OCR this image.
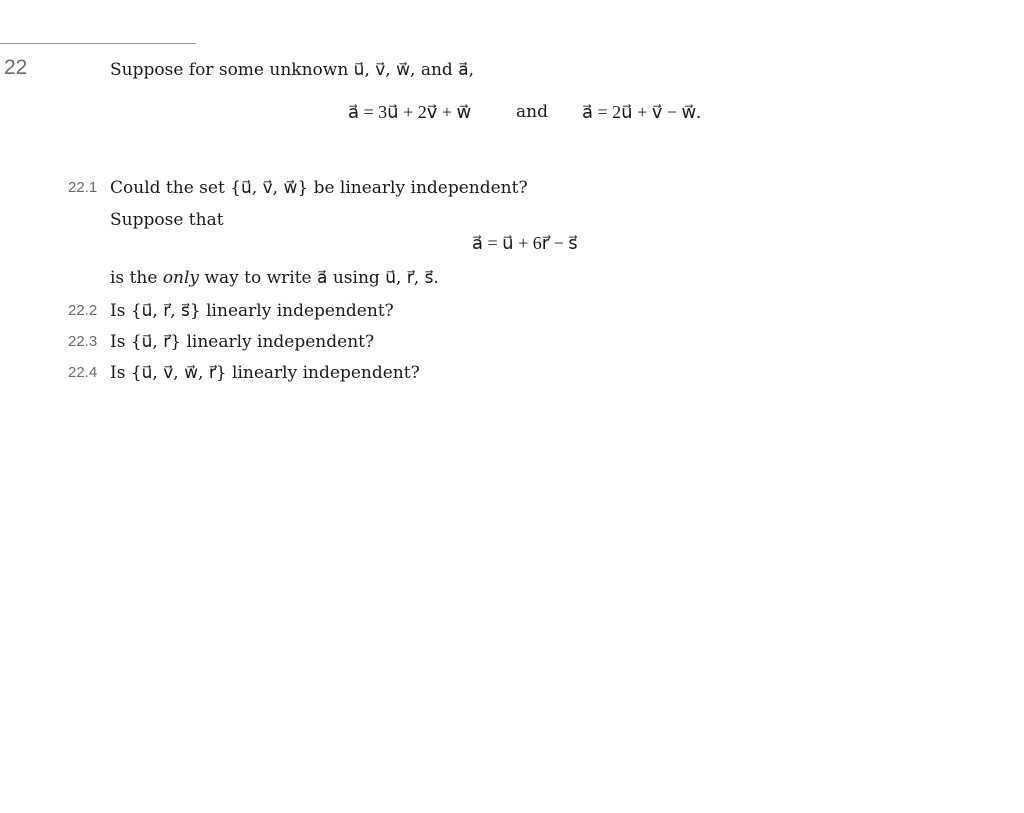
22	Suppose for some unknown u⃗, v⃗, w⃗, and a⃗,
a⃗ = 3u⃗ + 2v⃗ + w⃗	and a⃗ = 2u⃗ + v⃗ − w⃗.
22.1 Could the set {u⃗, v⃗, w⃗} be linearly independent?
Suppose that
a⃗ = u⃗ + 6r⃗ − s⃗
is the only way to write a⃗ using u⃗, r⃗, s⃗.
22.2 Is {u⃗, r⃗, s⃗} linearly independent?
22.3 Is {u⃗, r⃗} linearly independent?
22.4 Is {u⃗, v⃗, w⃗, r⃗} linearly independent?
